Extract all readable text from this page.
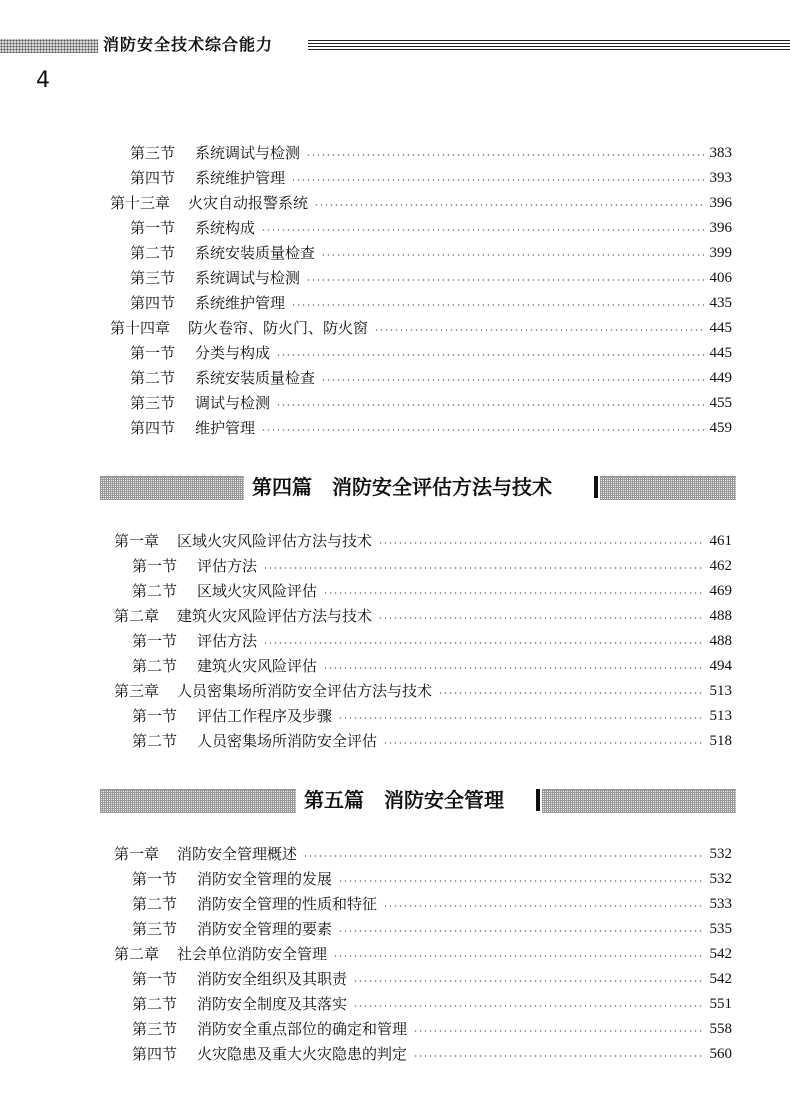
消防安全技术综合能力
4
第三节 系统调试与检测	383
第四节 系统维护管理	393
第十三章 火灾自动报警系统	396
第一节 系统构成	396
第二节 系统安装质量检查	399
第三节 系统调试与检测	406
第四节 系统维护管理	435
第十四章 防火卷帘、防火门、防火窗	445
第一节 分类与构成	445
第二节 系统安装质量检查	449
第三节 调试与检测	455
第四节 维护管理	459
第四篇　消防安全评估方法与技术
第一章 区域火灾风险评估方法与技术	461
第一节 评估方法	462
第二节 区域火灾风险评估	469
第二章 建筑火灾风险评估方法与技术	488
第一节 评估方法	488
第二节 建筑火灾风险评估	494
第三章 人员密集场所消防安全评估方法与技术	513
第一节 评估工作程序及步骤	513
第二节 人员密集场所消防安全评估	518
第五篇　消防安全管理
第一章 消防安全管理概述	532
第一节 消防安全管理的发展	532
第二节 消防安全管理的性质和特征	533
第三节 消防安全管理的要素	535
第二章 社会单位消防安全管理	542
第一节 消防安全组织及其职责	542
第二节 消防安全制度及其落实	551
第三节 消防安全重点部位的确定和管理	558
第四节 火灾隐患及重大火灾隐患的判定	560
